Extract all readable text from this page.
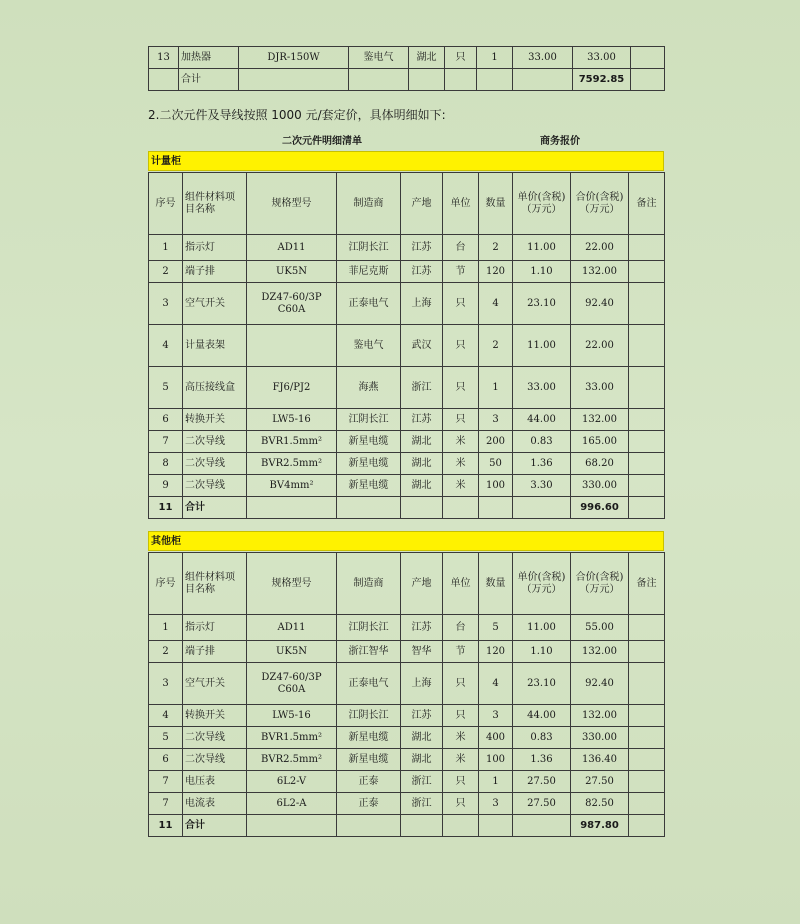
13	加热器	DJR-150W	鉴电气	湖北	只	1	33.00	33.00	
	合计							7592.85	
2.二次元件及导线按照 1000 元/套定价，具体明细如下:
二次元件明细清单	商务报价
计量柜
序号	组件材料项目名称	规格型号	制造商	产地	单位	数量	单价(含税)（万元）	合价(含税)（万元）	备注
1	指示灯	AD11	江阴长江	江苏	台	2	11.00	22.00	
2	端子排	UK5N	菲尼克斯	江苏	节	120	1.10	132.00	
3	空气开关	DZ47-60/3P C60A	正泰电气	上海	只	4	23.10	92.40	
4	计量表架		鉴电气	武汉	只	2	11.00	22.00	
5	高压接线盒	FJ6/PJ2	海燕	浙江	只	1	33.00	33.00	
6	转换开关	LW5-16	江阴长江	江苏	只	3	44.00	132.00	
7	二次导线	BVR1.5mm²	新星电缆	湖北	米	200	0.83	165.00	
8	二次导线	BVR2.5mm²	新星电缆	湖北	米	50	1.36	68.20	
9	二次导线	BV4mm²	新星电缆	湖北	米	100	3.30	330.00	
11	合计							996.60	
其他柜
序号	组件材料项目名称	规格型号	制造商	产地	单位	数量	单价(含税)（万元）	合价(含税)（万元）	备注
1	指示灯	AD11	江阴长江	江苏	台	5	11.00	55.00	
2	端子排	UK5N	浙江智华	智华	节	120	1.10	132.00	
3	空气开关	DZ47-60/3P C60A	正泰电气	上海	只	4	23.10	92.40	
4	转换开关	LW5-16	江阴长江	江苏	只	3	44.00	132.00	
5	二次导线	BVR1.5mm²	新星电缆	湖北	米	400	0.83	330.00	
6	二次导线	BVR2.5mm²	新星电缆	湖北	米	100	1.36	136.40	
7	电压表	6L2-V	正泰	浙江	只	1	27.50	27.50	
7	电流表	6L2-A	正泰	浙江	只	3	27.50	82.50	
11	合计							987.80	
